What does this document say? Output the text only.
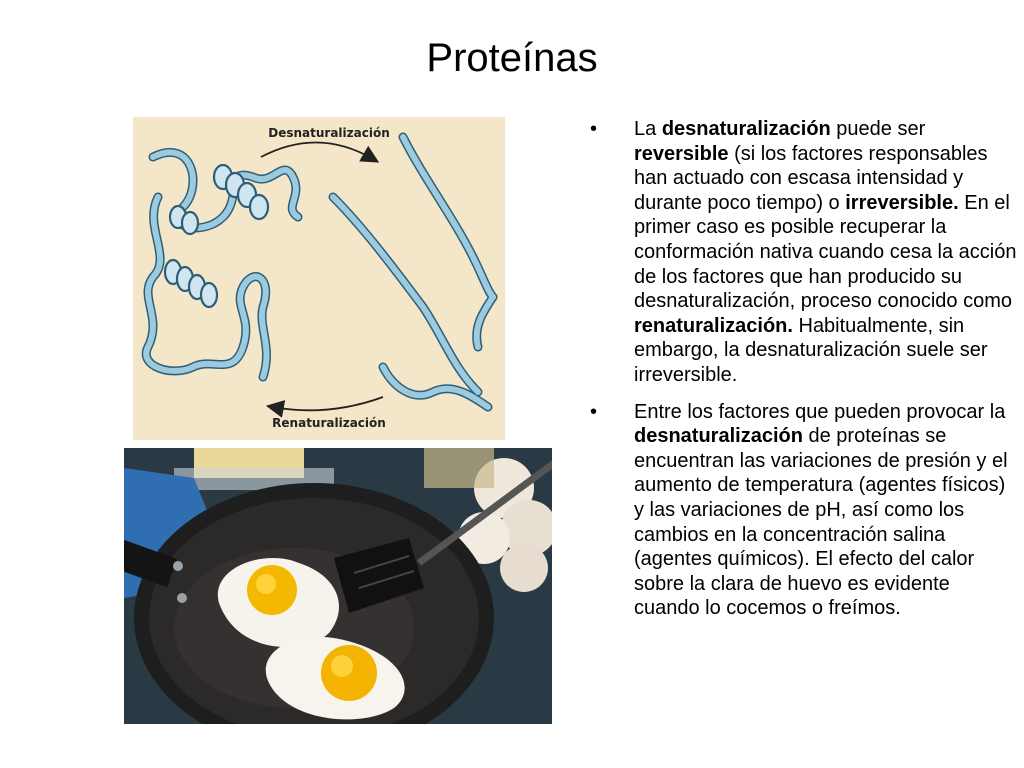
Proteínas
Desnaturalización
Renaturalización
• La desnaturalización puede ser reversible (si los factores responsables han actuado con escasa intensidad y durante poco tiempo) o irreversible. En el primer caso es posible recuperar la conformación nativa cuando cesa la acción de los factores que han producido su desnaturalización, proceso conocido como renaturalización. Habitualmente, sin embargo, la desnaturalización suele ser irreversible.
• Entre los factores que pueden provocar la desnaturalización de proteínas se encuentran las variaciones de presión y el aumento de temperatura (agentes físicos) y las variaciones de pH, así como los cambios en la concentración salina (agentes químicos). El efecto del calor sobre la clara de huevo es evidente cuando lo cocemos o freímos.
